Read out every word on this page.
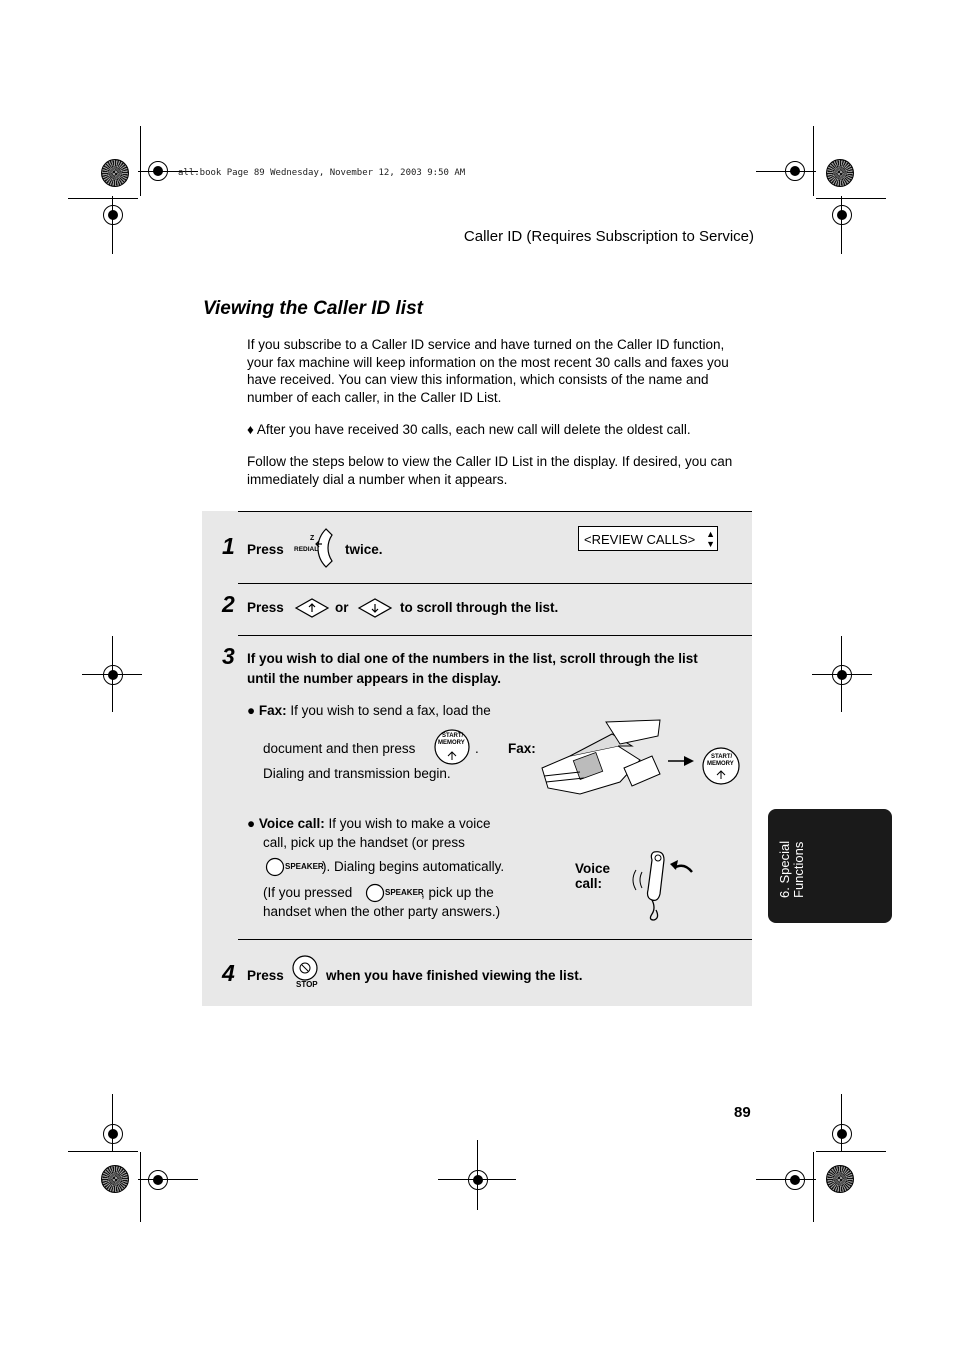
all.book Page 89 Wednesday, November 12, 2003 9:50 AM
Caller ID (Requires Subscription to Service)
Viewing the Caller ID list
If you subscribe to a Caller ID service and have turned on the Caller ID function, your fax machine will keep information on the most recent 30 calls and faxes you have received. You can view this information, which consists of the name and number of each caller, in the Caller ID List.
♦ After you have received 30 calls, each new call will delete the oldest call.
Follow the steps below to view the Caller ID List in the display. If desired, you can immediately dial a number when it appears.
1 Press
Z
REDIAL twice.
<REVIEW CALLS> ▲
▼
2 Press	or	to scroll through the list.
3 If you wish to dial one of the numbers in the list, scroll through the list
until the number appears in the display.
● Fax: If you wish to send a fax, load the
document and then press
START/
MEMORY .
Dialing and transmission begin.
Fax:
START/
MEMORY
● Voice call: If you wish to make a voice
call, pick up the handset (or press
SPEAKER
). Dialing begins automatically.
(If you pressed	SPEAKER
, pick up the
handset when the other party answers.)
Voice
call:
4 Press
STOP
when you have finished viewing the list.
6. Special Functions
89
